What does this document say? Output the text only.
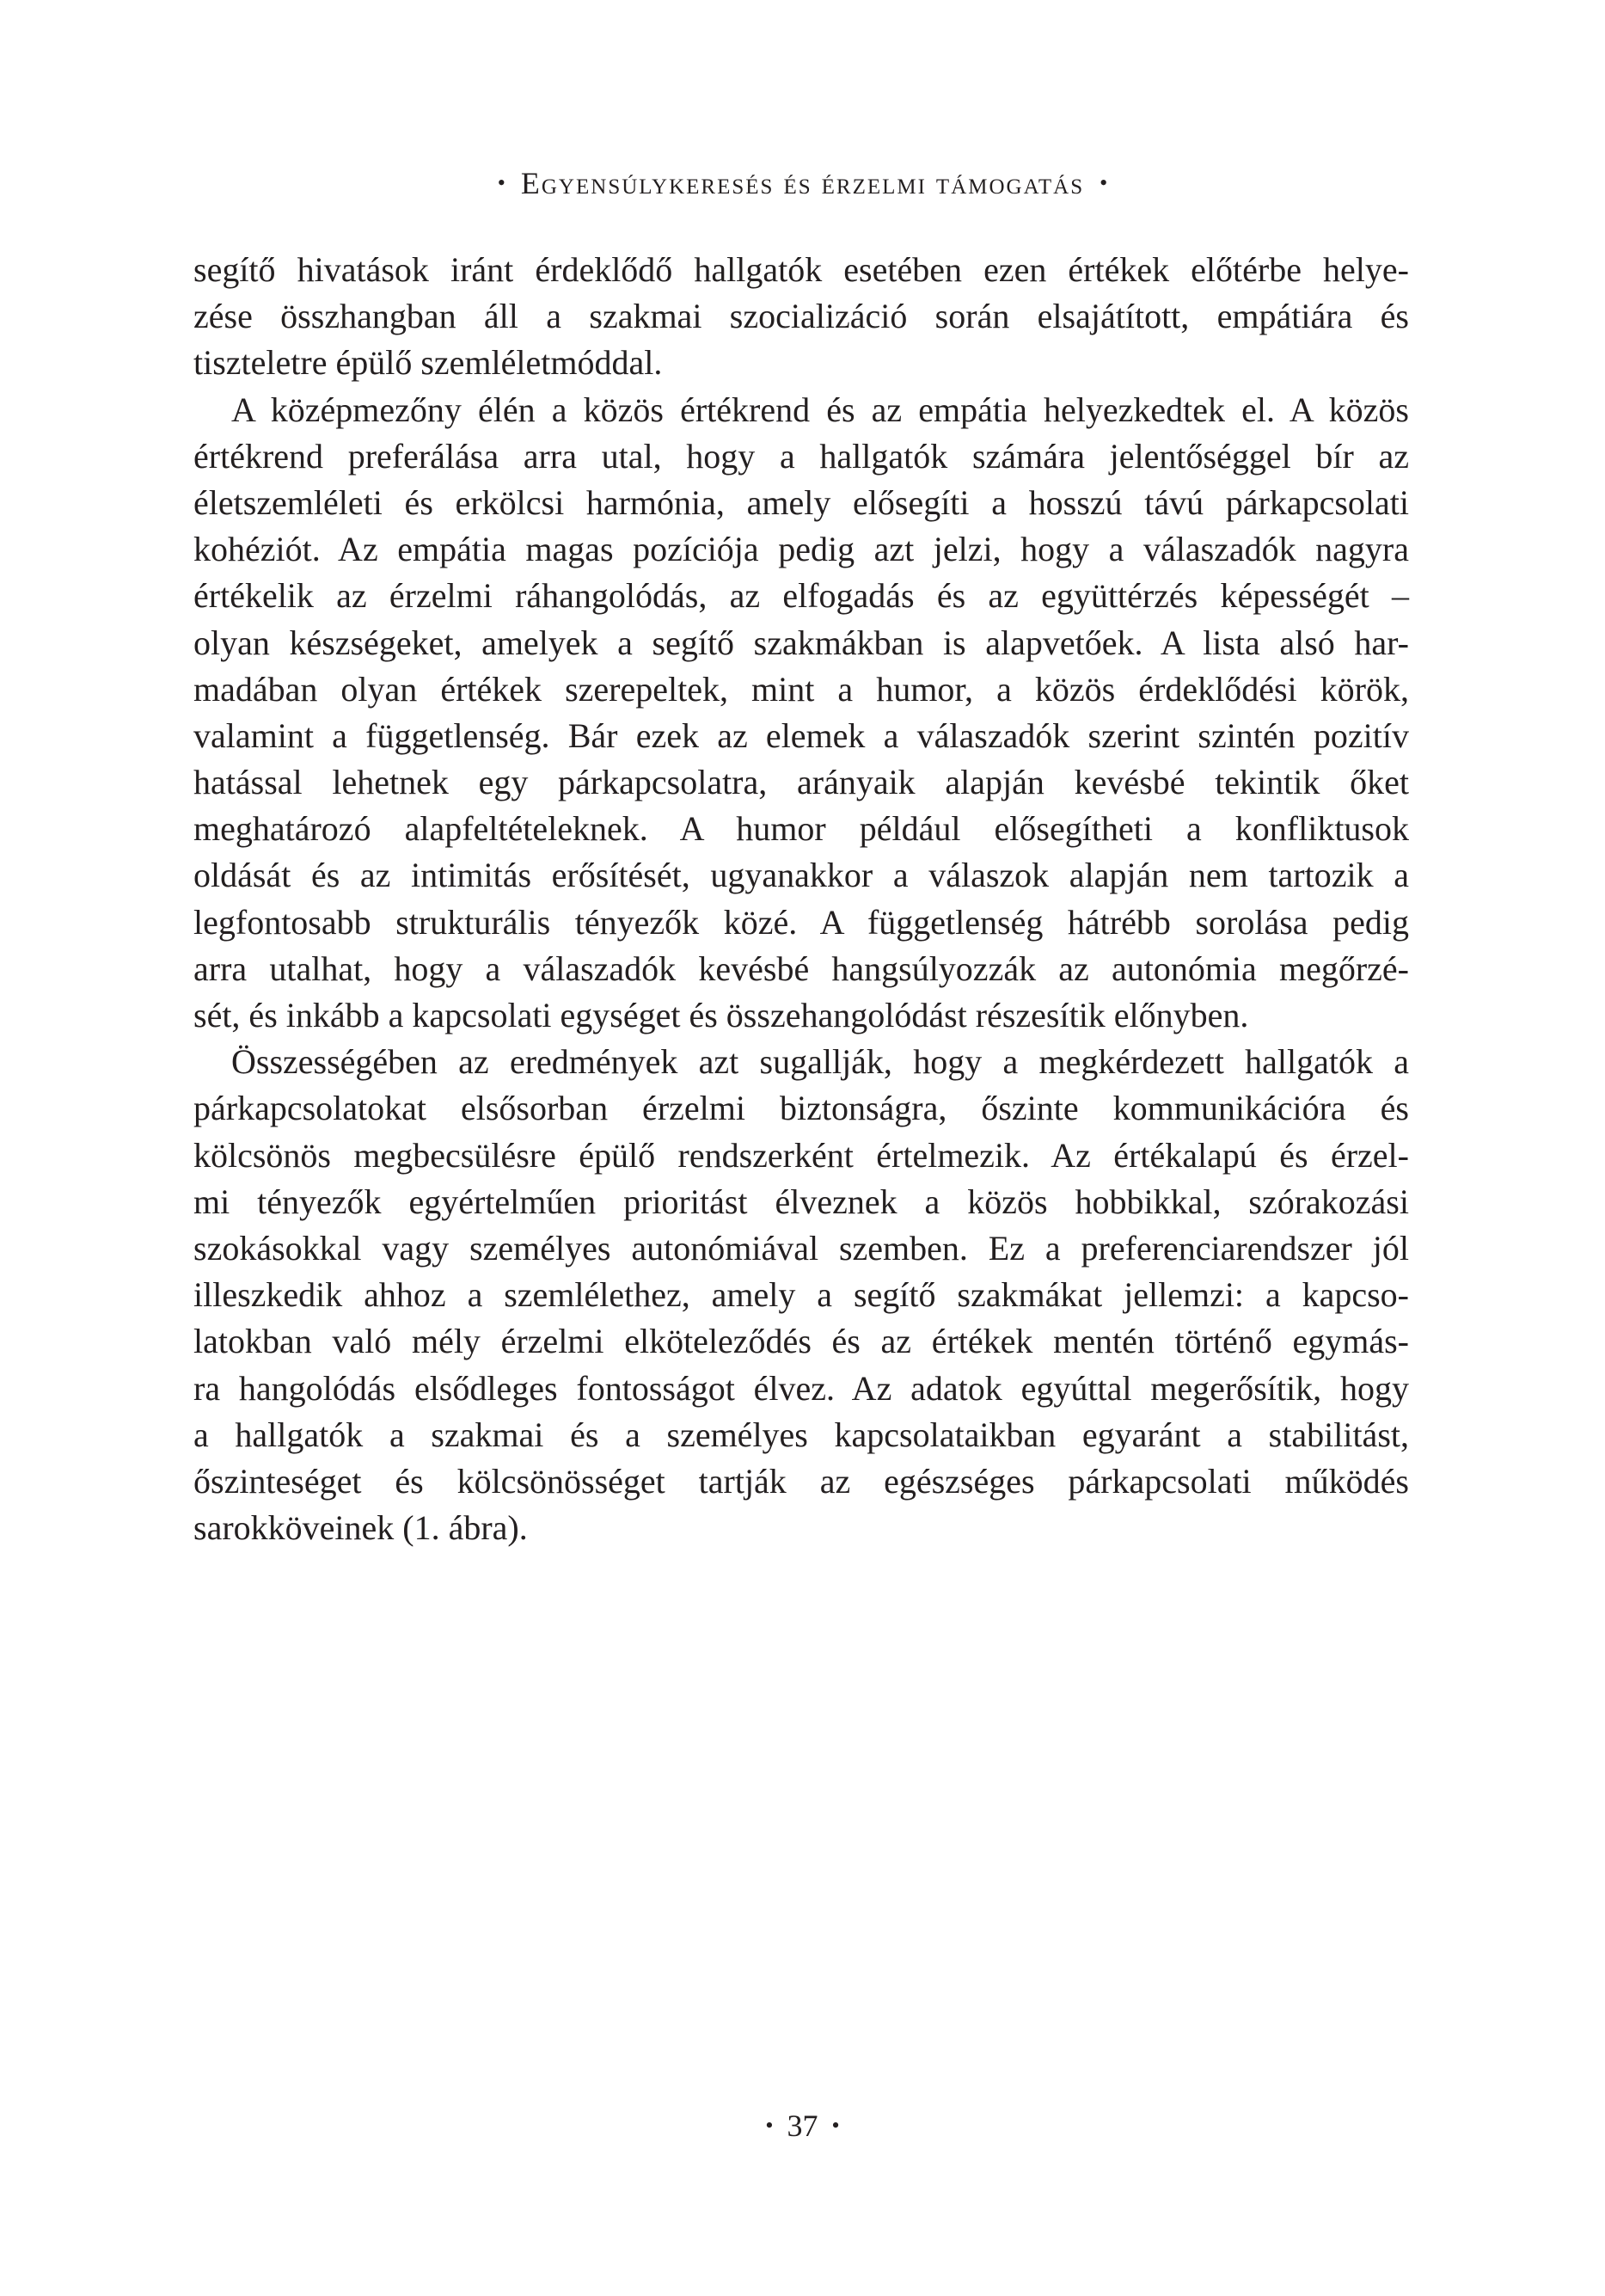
• Egyensúlykeresés és érzelmi támogatás •
segítő hivatások iránt érdeklődő hallgatók esetében ezen értékek előtérbe helye-
zése összhangban áll a szakmai szocializáció során elsajátított, empátiára és
tiszteletre épülő szemléletmóddal.
A középmezőny élén a közös értékrend és az empátia helyezkedtek el. A közös
értékrend preferálása arra utal, hogy a hallgatók számára jelentőséggel bír az
életszemléleti és erkölcsi harmónia, amely elősegíti a hosszú távú párkapcsolati
kohéziót. Az empátia magas pozíciója pedig azt jelzi, hogy a válaszadók nagyra
értékelik az érzelmi ráhangolódás, az elfogadás és az együttérzés képességét –
olyan készségeket, amelyek a segítő szakmákban is alapvetőek. A lista alsó har-
madában olyan értékek szerepeltek, mint a humor, a közös érdeklődési körök,
valamint a függetlenség. Bár ezek az elemek a válaszadók szerint szintén pozitív
hatással lehetnek egy párkapcsolatra, arányaik alapján kevésbé tekintik őket
meghatározó alapfeltételeknek. A humor például elősegítheti a konfliktusok
oldását és az intimitás erősítését, ugyanakkor a válaszok alapján nem tartozik a
legfontosabb strukturális tényezők közé. A függetlenség hátrébb sorolása pedig
arra utalhat, hogy a válaszadók kevésbé hangsúlyozzák az autonómia megőrzé-
sét, és inkább a kapcsolati egységet és összehangolódást részesítik előnyben.
Összességében az eredmények azt sugallják, hogy a megkérdezett hallgatók a
párkapcsolatokat elsősorban érzelmi biztonságra, őszinte kommunikációra és
kölcsönös megbecsülésre épülő rendszerként értelmezik. Az értékalapú és érzel-
mi tényezők egyértelműen prioritást élveznek a közös hobbikkal, szórakozási
szokásokkal vagy személyes autonómiával szemben. Ez a preferenciarendszer jól
illeszkedik ahhoz a szemlélethez, amely a segítő szakmákat jellemzi: a kapcso-
latokban való mély érzelmi elköteleződés és az értékek mentén történő egymás-
ra hangolódás elsődleges fontosságot élvez. Az adatok egyúttal megerősítik, hogy
a hallgatók a szakmai és a személyes kapcsolataikban egyaránt a stabilitást,
őszinteséget és kölcsönösséget tartják az egészséges párkapcsolati működés
sarokköveinek (1. ábra).
• 37 •
